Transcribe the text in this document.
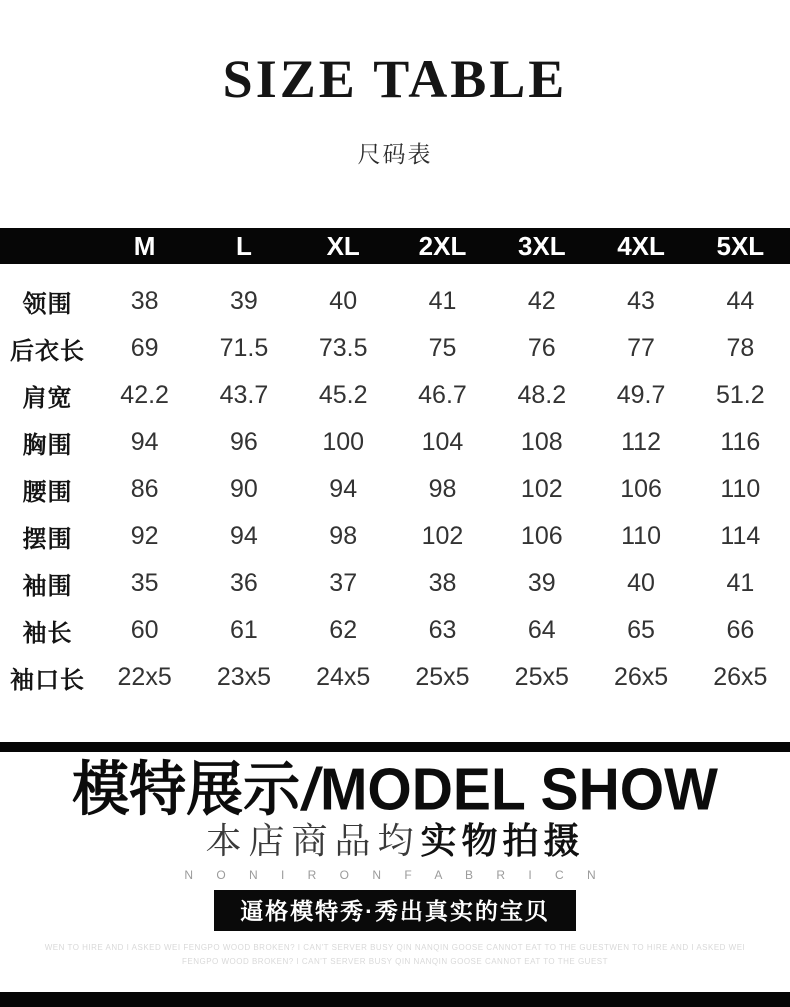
SIZE TABLE
尺码表
M	L	XL	2XL	3XL	4XL	5XL
领围	38	39	40	41	42	43	44
后衣长	69	71.5	73.5	75	76	77	78
肩宽	42.2	43.7	45.2	46.7	48.2	49.7	51.2
胸围	94	96	100	104	108	112	116
腰围	86	90	94	98	102	106	110
摆围	92	94	98	102	106	110	114
袖围	35	36	37	38	39	40	41
袖长	60	61	62	63	64	65	66
袖口长	22x5	23x5	24x5	25x5	25x5	26x5	26x5
模特展示/MODEL SHOW
本店商品均实物拍摄
N O N I R O N F A B R I C N
逼格模特秀·秀出真实的宝贝
WEN TO HIRE AND I ASKED WEI FENGPO WOOD BROKEN? I CAN'T SERVER BUSY QIN NANQIN GOOSE CANNOT EAT TO THE GUESTWEN TO HIRE AND I ASKED WEI
FENGPO WOOD BROKEN? I CAN'T SERVER BUSY QIN NANQIN GOOSE CANNOT EAT TO THE GUEST
